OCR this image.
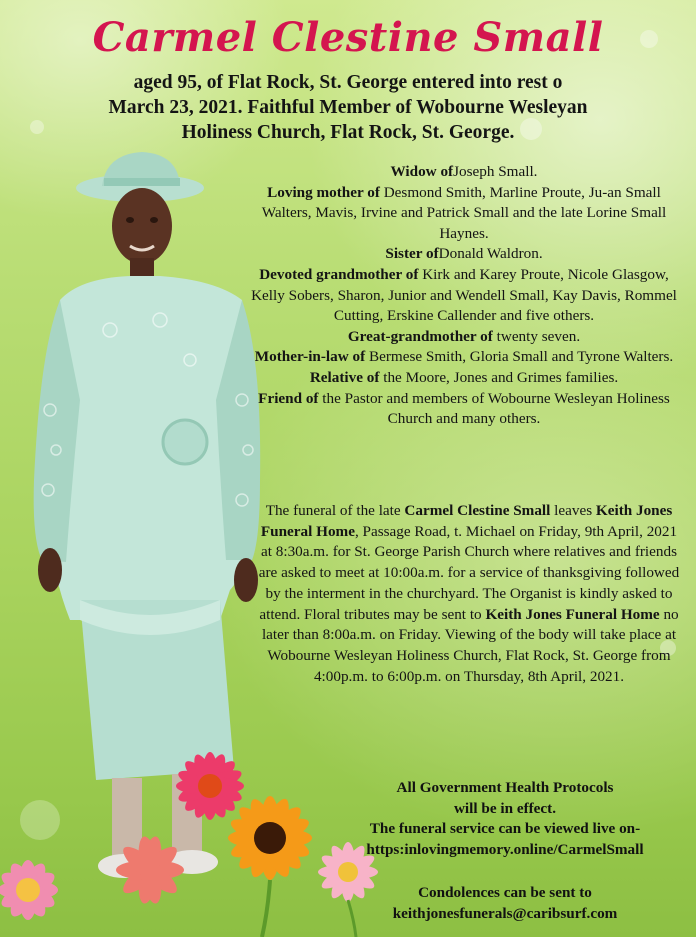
Carmel Clestine Small
aged 95, of Flat Rock, St. George entered into rest o
March 23, 2021. Faithful Member of Wobourne Wesleyan
Holiness Church, Flat Rock, St. George.

Widow ofJoseph Small.

Loving mother of Desmond Smith, Marline Proute, Ju-an Small Walters, Mavis, Irvine and Patrick Small and the late Lorine Small Haynes.

Sister ofDonald Waldron.

Devoted grandmother of Kirk and Karey Proute, Nicole Glasgow, Kelly Sobers, Sharon, Junior and Wendell Small, Kay Davis, Rommel Cutting, Erskine Callender and five others.

Great-grandmother of twenty seven.

Mother-in-law of Bermese Smith, Gloria Small and Tyrone Walters.

Relative of the Moore, Jones and Grimes families.

Friend of the Pastor and members of Wobourne Wesleyan Holiness Church and many others.

The funeral of the late Carmel Clestine Small leaves Keith Jones Funeral Home, Passage Road, t. Michael on Friday, 9th April, 2021 at 8:30a.m. for St. George Parish Church where relatives and friends are asked to meet at 10:00a.m. for a service of thanksgiving followed by the interment in the churchyard. The Organist is kindly asked to attend. Floral tributes may be sent to Keith Jones Funeral Home no later than 8:00a.m. on Friday. Viewing of the body will take place at Wobourne Wesleyan Holiness Church, Flat Rock, St. George from 4:00p.m. to 6:00p.m. on Thursday, 8th April, 2021.
All Government Health Protocols
will be in effect.
The funeral service can be viewed live on-
https:inlovingmemory.online/CarmelSmall
Condolences can be sent to
keithjonesfunerals@caribsurf.com
